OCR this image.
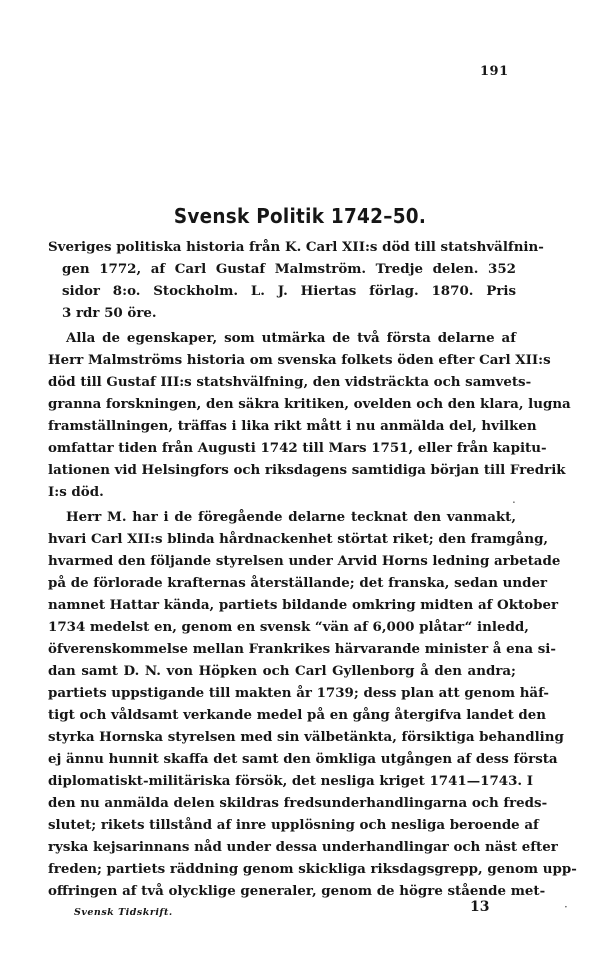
191
Svensk Politik 1742–50.
Sveriges politiska historia från K. Carl XII:s död till statshvälfnin-
gen 1772, af Carl Gustaf Malmström. Tredje delen. 352
sidor 8:o. Stockholm. L. J. Hiertas förlag. 1870. Pris
3 rdr 50 öre.
Alla de egenskaper, som utmärka de två första delarne af
Herr Malmströms historia om svenska folkets öden efter Carl XII:s
död till Gustaf III:s statshvälfning, den vidsträckta och samvets-
granna forskningen, den säkra kritiken, ovelden och den klara, lugna
framställningen, träffas i lika rikt mått i nu anmälda del, hvilken
omfattar tiden från Augusti 1742 till Mars 1751, eller från kapitu-
lationen vid Helsingfors och riksdagens samtidiga början till Fredrik
I:s död.
Herr M. har i de föregående delarne tecknat den vanmakt,
hvari Carl XII:s blinda hårdnackenhet störtat riket; den framgång,
hvarmed den följande styrelsen under Arvid Horns ledning arbetade
på de förlorade krafternas återställande; det franska, sedan under
namnet Hattar kända, partiets bildande omkring midten af Oktober
1734 medelst en, genom en svensk “vän af 6,000 plåtar“ inledd,
öfverenskommelse mellan Frankrikes härvarande minister å ena si-
dan samt D. N. von Höpken och Carl Gyllenborg å den andra;
partiets uppstigande till makten år 1739; dess plan att genom häf-
tigt och våldsamt verkande medel på en gång återgifva landet den
styrka Hornska styrelsen med sin välbetänkta, försiktiga behandling
ej ännu hunnit skaffa det samt den ömkliga utgången af dess första
diplomatiskt-militäriska försök, det nesliga kriget 1741—1743. I
den nu anmälda delen skildras fredsunderhandlingarna och freds-
slutet; rikets tillstånd af inre upplösning och nesliga beroende af
ryska kejsarinnans nåd under dessa underhandlingar och näst efter
freden; partiets räddning genom skickliga riksdagsgrepp, genom upp-
offringen af två olycklige generaler, genom de högre stående met-
Svensk Tidskrift.	13
.
·
